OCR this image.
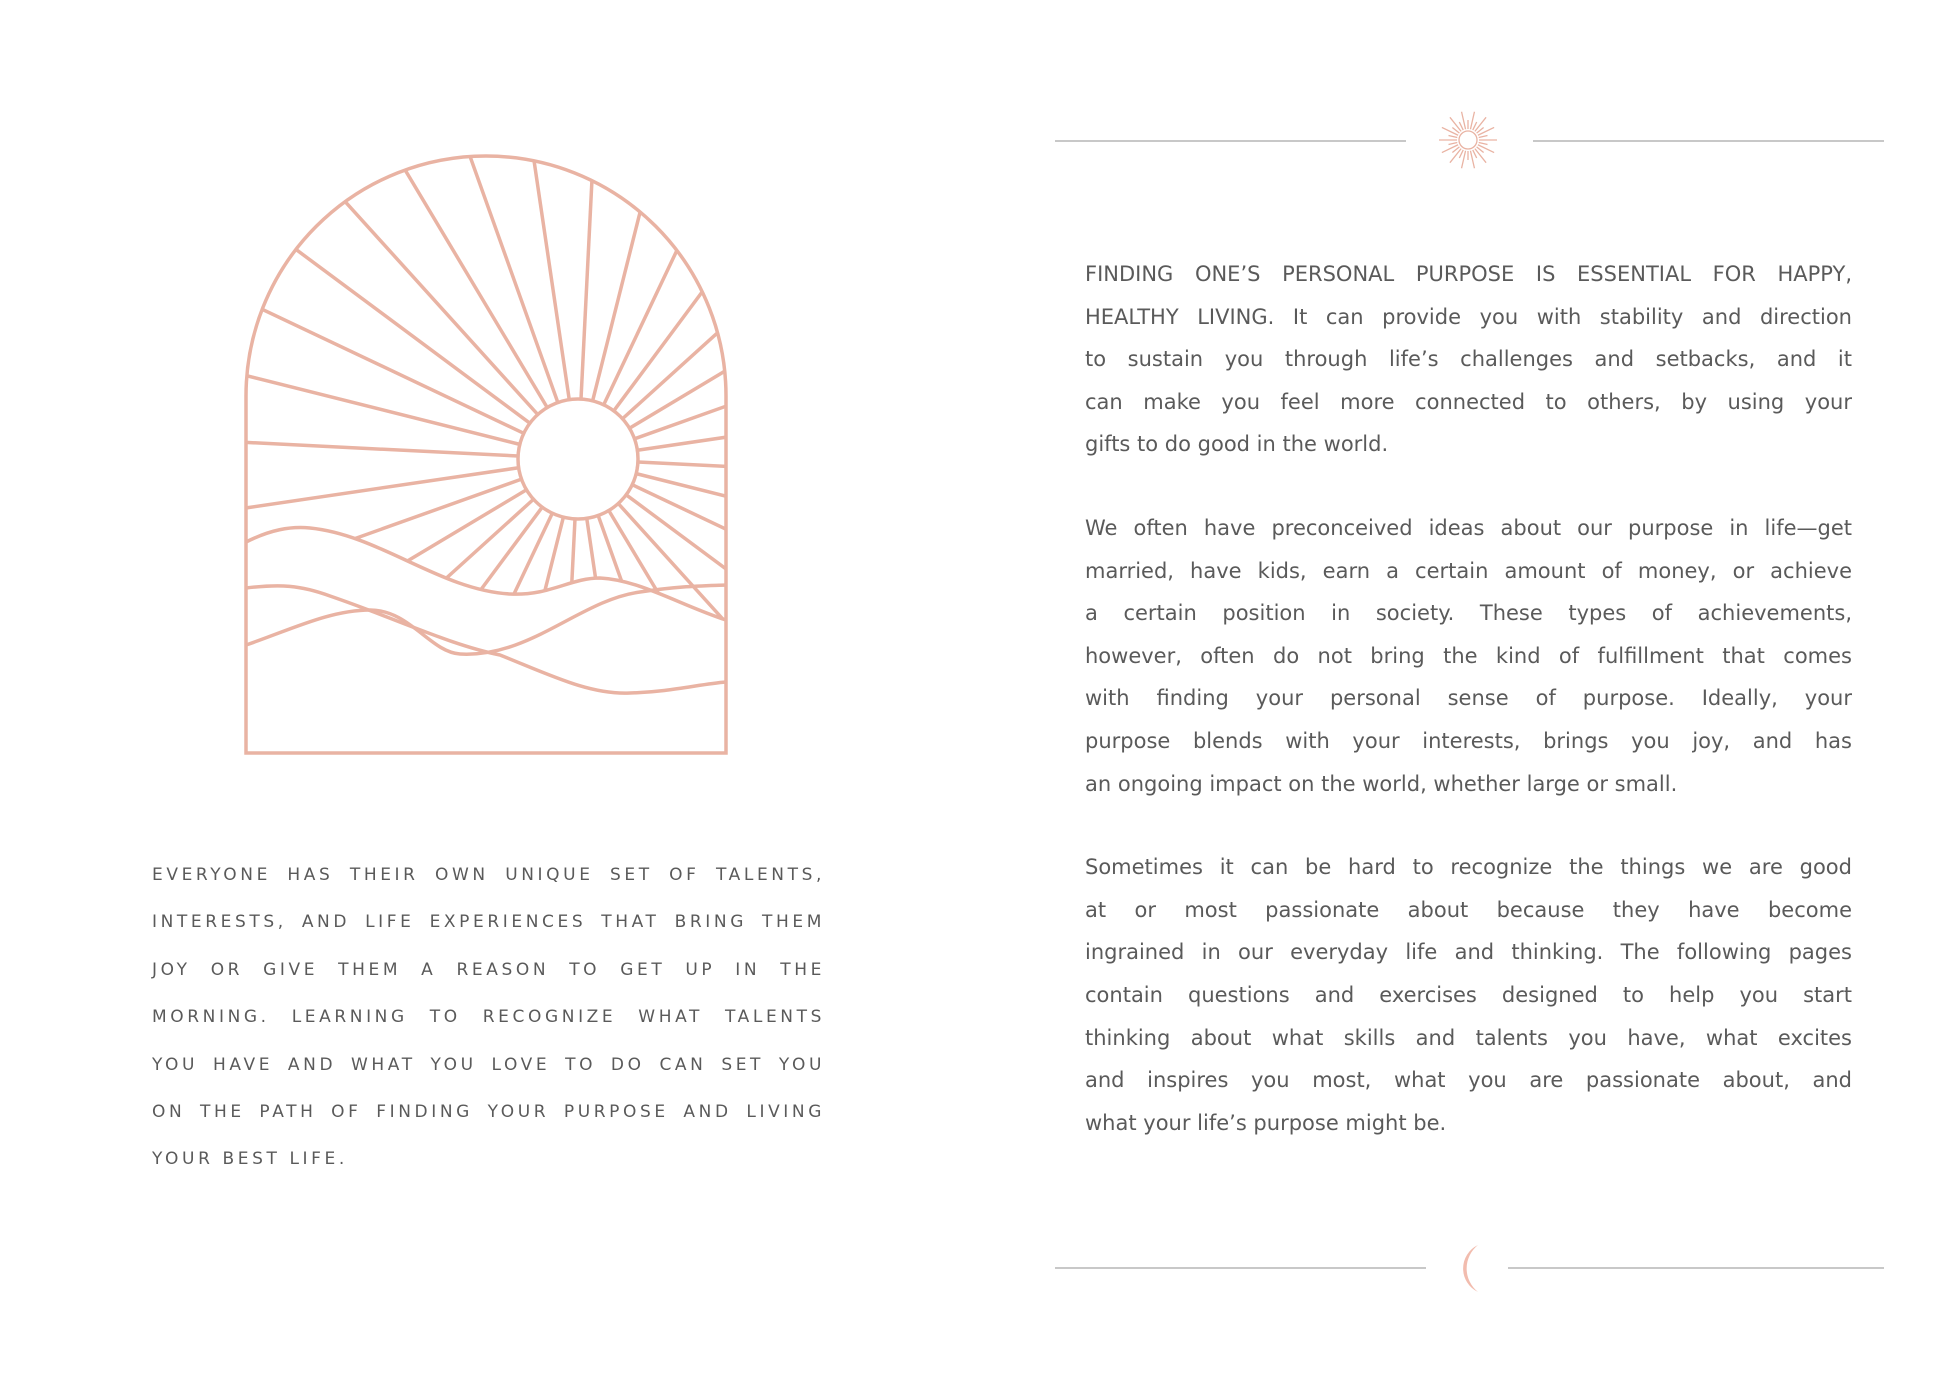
EVERYONE HAS THEIR OWN UNIQUE SET OF TALENTS,
INTERESTS, AND LIFE EXPERIENCES THAT BRING THEM
JOY OR GIVE THEM A REASON TO GET UP IN THE
MORNING. LEARNING TO RECOGNIZE WHAT TALENTS
YOU HAVE AND WHAT YOU LOVE TO DO CAN SET YOU
ON THE PATH OF FINDING YOUR PURPOSE AND LIVING
YOUR BEST LIFE.
FINDING ONE’S PERSONAL PURPOSE IS ESSENTIAL FOR HAPPY,
HEALTHY LIVING. It can provide you with stability and direction
to sustain you through life’s challenges and setbacks, and it
can make you feel more connected to others, by using your
gifts to do good in the world.
We often have preconceived ideas about our purpose in life—get
married, have kids, earn a certain amount of money, or achieve
a certain position in society. These types of achievements,
however, often do not bring the kind of fulfillment that comes
with finding your personal sense of purpose. Ideally, your
purpose blends with your interests, brings you joy, and has
an ongoing impact on the world, whether large or small.
Sometimes it can be hard to recognize the things we are good
at or most passionate about because they have become
ingrained in our everyday life and thinking. The following pages
contain questions and exercises designed to help you start
thinking about what skills and talents you have, what excites
and inspires you most, what you are passionate about, and
what your life’s purpose might be.
